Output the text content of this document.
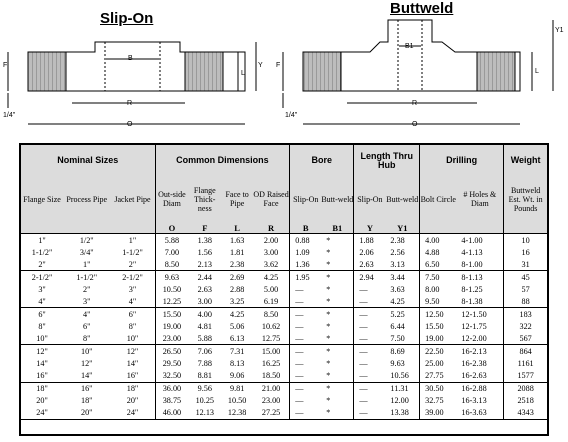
Slip-On
Buttweld
F
B
Y
L
R
O
1/4"
F
B1
Y1
L
R
O
1/4"
Nominal Sizes			Common Dimensions				Bore		Length Thru Hub		Drilling		Weight
Flange Size	Process Pipe	Jacket Pipe	Out-side Diam	Flange Thick-ness	Face to Pipe	OD Raised Face	Slip-On	Butt-weld	Slip-On	Butt-weld	Bolt Circle	# Holes & Diam	Buttweld Est. Wt. in Pounds
			O	F	L	R	B	B1	Y	Y1			
1"	1/2"	1"	5.88	1.38	1.63	2.00	0.88	*	1.88	2.38	4.00	4-1.00	10
1-1/2"	3/4"	1-1/2"	7.00	1.56	1.81	3.00	1.09	*	2.06	2.56	4.88	4-1.13	16
2"	1"	2"	8.50	2.13	2.38	3.62	1.36	*	2.63	3.13	6.50	8-1.00	31
2-1/2"	1-1/2"	2-1/2"	9.63	2.44	2.69	4.25	1.95	*	2.94	3.44	7.50	8-1.13	45
3"	2"	3"	10.50	2.63	2.88	5.00	—	*	—	3.63	8.00	8-1.25	57
4"	3"	4"	12.25	3.00	3.25	6.19	—	*	—	4.25	9.50	8-1.38	88
6"	4"	6"	15.50	4.00	4.25	8.50	—	*	—	5.25	12.50	12-1.50	183
8"	6"	8"	19.00	4.81	5.06	10.62	—	*	—	6.44	15.50	12-1.75	322
10"	8"	10"	23.00	5.88	6.13	12.75	—	*	—	7.50	19.00	12-2.00	567
12"	10"	12"	26.50	7.06	7.31	15.00	—	*	—	8.69	22.50	16-2.13	864
14"	12"	14"	29.50	7.88	8.13	16.25	—	*	—	9.63	25.00	16-2.38	1161
16"	14"	16"	32.50	8.81	9.06	18.50	—	*	—	10.56	27.75	16-2.63	1577
18"	16"	18"	36.00	9.56	9.81	21.00	—	*	—	11.31	30.50	16-2.88	2088
20"	18"	20"	38.75	10.25	10.50	23.00	—	*	—	12.00	32.75	16-3.13	2518
24"	20"	24"	46.00	12.13	12.38	27.25	—	*	—	13.38	39.00	16-3.63	4343
